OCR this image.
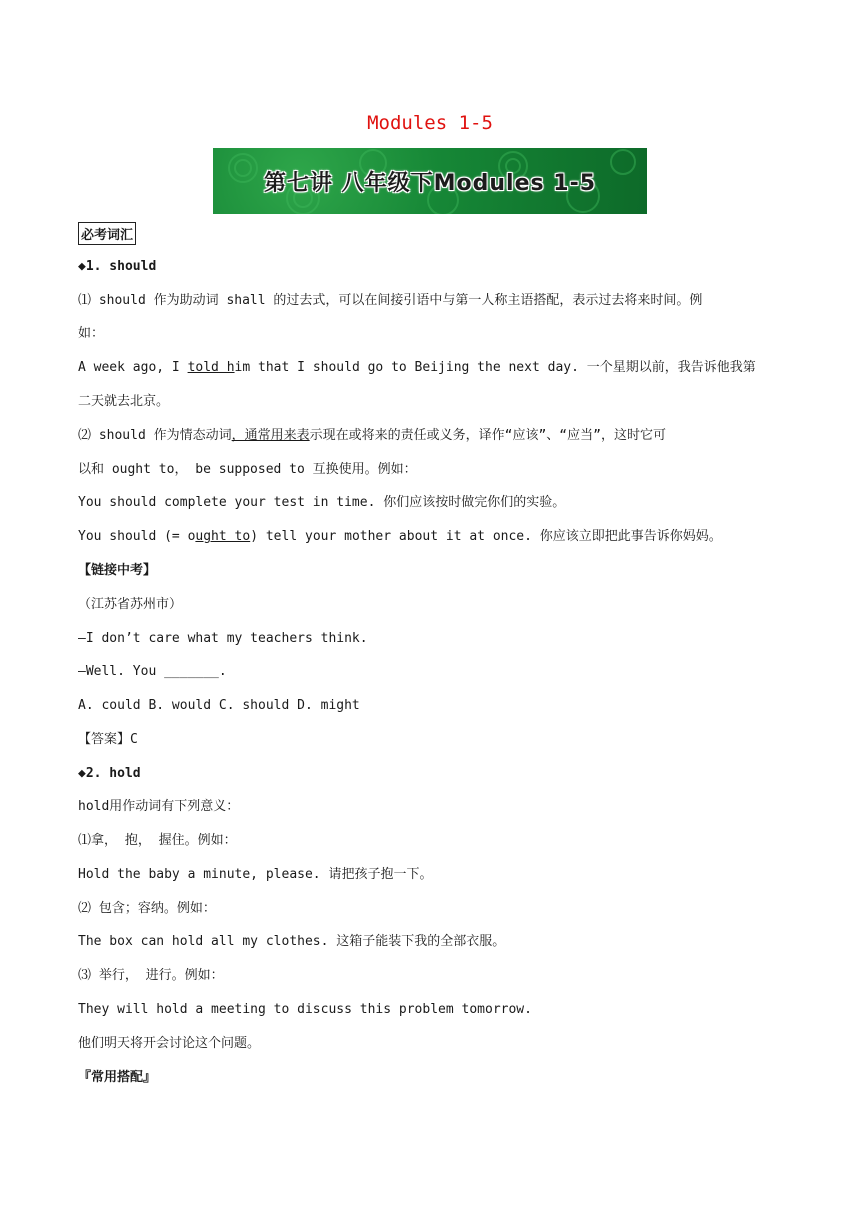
Modules 1-5
第七讲 八年级下Modules 1-5
必考词汇
◆1. should
⑴ should 作为助动词 shall 的过去式，可以在间接引语中与第一人称主语搭配，表示过去将来时间。例
如：
A week ago, I told him that I should go to Beijing the next day. 一个星期以前，我告诉他我第
二天就去北京。
⑵ should 作为情态动词，通常用来表示现在或将来的责任或义务，译作“应该”、“应当”，这时它可
以和 ought to， be supposed to 互换使用。例如：
You should complete your test in time. 你们应该按时做完你们的实验。
You should (= ought to) tell your mother about it at once. 你应该立即把此事告诉你妈妈。
【链接中考】
（江苏省苏州市）
—I don’t care what my teachers think.
—Well. You _______.
A. could B. would C. should D. might
【答案】C
◆2. hold
hold用作动词有下列意义：
⑴拿， 抱， 握住。例如：
Hold the baby a minute, please. 请把孩子抱一下。
⑵ 包含；容纳。例如：
The box can hold all my clothes. 这箱子能装下我的全部衣服。
⑶ 举行， 进行。例如：
They will hold a meeting to discuss this problem tomorrow.
他们明天将开会讨论这个问题。
『常用搭配』
